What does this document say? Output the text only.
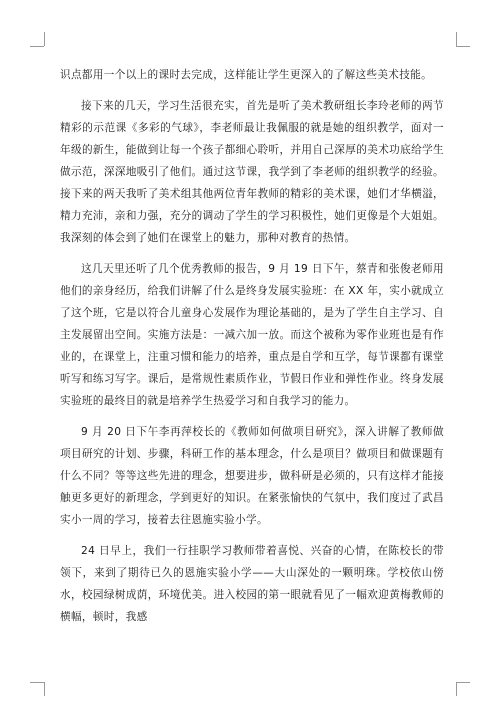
识点都用一个以上的课时去完成，这样能让学生更深入的了解这些美术技能。

接下来的几天，学习生活很充实，首先是听了美术教研组长李玲老师的两节精彩的示范课《多彩的气球》，李老师最让我佩服的就是她的组织教学，面对一年级的新生，能做到让每一个孩子都细心聆听，并用自己深厚的美术功底给学生做示范，深深地吸引了他们。通过这节课，我学到了李老师的组织教学的经验。接下来的两天我听了美术组其他两位青年教师的精彩的美术课，她们才华横溢，精力充沛，亲和力强，充分的调动了学生的学习积极性，她们更像是个大姐姐。我深刻的体会到了她们在课堂上的魅力，那种对教育的热情。

这几天里还听了几个优秀教师的报告，9 月 19 日下午，蔡青和张俊老师用他们的亲身经历，给我们讲解了什么是终身发展实验班：在 XX 年，实小就成立了这个班，它是以符合儿童身心发展作为理论基础的，是为了学生自主学习、自主发展留出空间。实施方法是：一减六加一放。而这个被称为零作业班也是有作业的，在课堂上，注重习惯和能力的培养，重点是自学和互学，每节课都有课堂听写和练习写字。课后，是常规性素质作业，节假日作业和弹性作业。终身发展实验班的最终目的就是培养学生热爱学习和自我学习的能力。

9 月 20 日下午李再萍校长的《教师如何做项目研究》，深入讲解了教师做项目研究的计划、步骤，科研工作的基本理念，什么是项目？做项目和做课题有什么不同？等等这些先进的理念，想要进步，做科研是必须的，只有这样才能接触更多更好的新理念，学到更好的知识。在紧张愉快的气氛中，我们度过了武昌实小一周的学习，接着去往恩施实验小学。

24 日早上，我们一行挂职学习教师带着喜悦、兴奋的心情，在陈校长的带领下，来到了期待已久的恩施实验小学——大山深处的一颗明珠。学校依山傍水，校园绿树成荫，环境优美。进入校园的第一眼就看见了一幅欢迎黄梅教师的横幅，顿时，我感
